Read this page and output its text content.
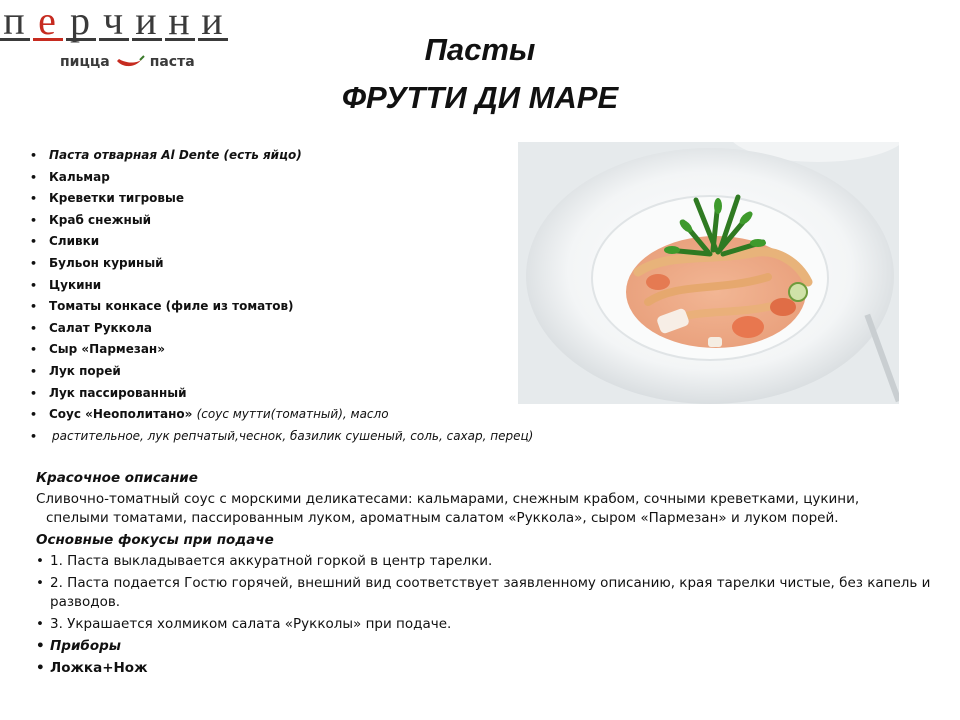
п е р ч и н и
пицца	паста	Пасты
ФРУТТИ ДИ МАРЕ
• Паста отварная Al Dente (есть яйцо)
• Кальмар
• Креветки тигровые
• Краб снежный
• Сливки
• Бульон куриный
• Цукини
• Томаты конкасе (филе из томатов)
• Салат Руккола
• Сыр «Пармезан»
• Лук порей
• Лук пассированный
• Соус «Неополитано» (соус мутти(томатный), масло
• растительное, лук репчатый,чеснок, базилик сушеный, соль, сахар, перец)
Красочное описание
Сливочно-томатный соус с морскими деликатесами: кальмарами, снежным крабом, сочными креветками, цукини,
спелыми томатами, пассированным луком, ароматным салатом «Руккола», сыром «Пармезан» и луком порей.
Основные фокусы при подаче
• 1. Паста выкладывается аккуратной горкой в центр тарелки.
• 2. Паста подается Гостю горячей, внешний вид соответствует заявленному описанию, края тарелки чистые, без капель и
разводов.
• 3. Украшается холмиком салата «Рукколы» при подаче.
• Приборы
• Ложка+Нож
